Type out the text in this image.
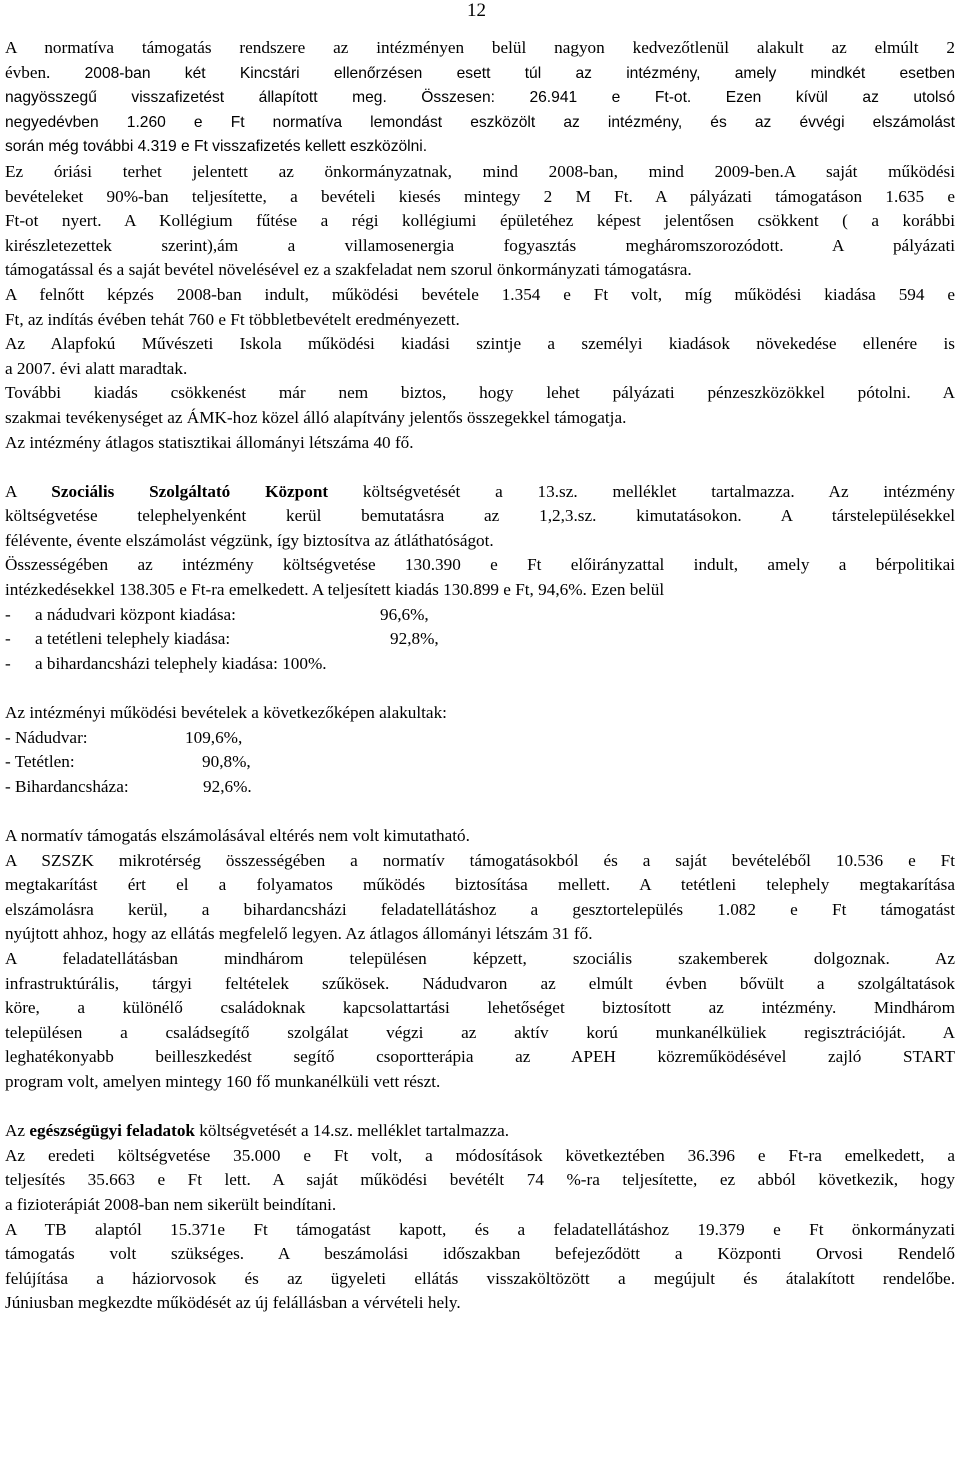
12

A normatíva támogatás rendszere az intézményen belül nagyon kedvezőtlenül alakult az elmúlt 2

évben. 2008-ban két Kincstári ellenőrzésen esett túl az intézmény, amely mindkét esetben

nagyösszegű visszafizetést állapított meg. Összesen: 26.941 e Ft-ot. Ezen kívül az utolsó

negyedévben 1.260 e Ft normatíva lemondást eszközölt az intézmény, és az évvégi elszámolást

során még további 4.319 e Ft visszafizetés kellett eszközölni.

Ez óriási terhet jelentett az önkormányzatnak, mind 2008-ban, mind 2009-ben.A saját működési

bevételeket 90%-ban teljesítette, a bevételi kiesés mintegy 2 M Ft. A pályázati támogatáson 1.635 e

Ft-ot nyert. A Kollégium fűtése a régi kollégiumi épületéhez képest jelentősen csökkent ( a korábbi

kirészletezettek szerint),ám a villamosenergia fogyasztás megháromszorozódott. A pályázati

támogatással és a saját bevétel növelésével ez a szakfeladat nem szorul önkormányzati támogatásra.

A felnőtt képzés 2008-ban indult, működési bevétele 1.354 e Ft volt, míg működési kiadása 594 e

Ft, az indítás évében tehát 760 e Ft többletbevételt eredményezett.

Az Alapfokú Művészeti Iskola működési kiadási szintje a személyi kiadások növekedése ellenére is

a 2007. évi alatt maradtak.

További kiadás csökkenést már nem biztos, hogy lehet pályázati pénzeszközökkel pótolni. A

szakmai tevékenységet az ÁMK-hoz közel álló alapítvány jelentős összegekkel támogatja.

Az intézmény átlagos statisztikai állományi létszáma 40 fő.

A Szociális Szolgáltató Központ költségvetését a 13.sz. melléklet tartalmazza. Az intézmény

költségvetése telephelyenként kerül bemutatásra az 1,2,3.sz. kimutatásokon. A társtelepülésekkel

félévente, évente elszámolást végzünk, így biztosítva az átláthatóságot.

Összességében az intézmény költségvetése 130.390 e Ft előirányzattal indult, amely a bérpolitikai

intézkedésekkel 138.305 e Ft-ra emelkedett. A teljesített kiadás 130.899 e Ft, 94,6%. Ezen belül

-	a nádudvari központ kiadása:	96,6%,
-	a tetétleni telephely kiadása:	92,8%,
-	a bihardancsházi telephely kiadása: 100%.

Az intézményi működési bevételek a következőképen alakultak:

- Nádudvar:	109,6%,
- Tetétlen:	90,8%,
- Bihardancsháza:	92,6%.

A normatív támogatás elszámolásával eltérés nem volt kimutatható.

A SZSZK mikrotérség összességében a normatív támogatásokból és a saját bevételéből 10.536 e Ft

megtakarítást ért el a folyamatos működés biztosítása mellett. A tetétleni telephely megtakarítása

elszámolásra kerül, a bihardancsházi feladatellátáshoz a gesztortelepülés 1.082 e Ft támogatást

nyújtott ahhoz, hogy az ellátás megfelelő legyen. Az átlagos állományi létszám 31 fő.

A feladatellátásban mindhárom településen képzett, szociális szakemberek dolgoznak. Az

infrastruktúrális, tárgyi feltételek szűkösek. Nádudvaron az elmúlt évben bővült a szolgáltatások

köre, a különélő családoknak kapcsolattartási lehetőséget biztosított az intézmény. Mindhárom

településen a családsegítő szolgálat végzi az aktív korú munkanélküliek regisztrációját. A

leghatékonyabb beilleszkedést segítő csoportterápia az APEH közreműködésével zajló START

program volt, amelyen mintegy 160 fő munkanélküli vett részt.

Az egészségügyi feladatok költségvetését a 14.sz. melléklet tartalmazza.

Az eredeti költségvetése 35.000 e Ft volt, a módosítások következtében 36.396 e Ft-ra emelkedett, a

teljesítés 35.663 e Ft lett. A saját működési bevétélt 74 %-ra teljesítette, ez abból következik, hogy

a fizioterápiát 2008-ban nem sikerült beindítani.

A TB alaptól 15.371e Ft támogatást kapott, és a feladatellátáshoz 19.379 e Ft önkormányzati

támogatás volt szükséges. A beszámolási időszakban befejeződött a Központi Orvosi Rendelő

felújítása a háziorvosok és az ügyeleti ellátás visszaköltözött a megújult és átalakított rendelőbe.

Júniusban megkezdte működését az új felállásban a vérvételi hely.
